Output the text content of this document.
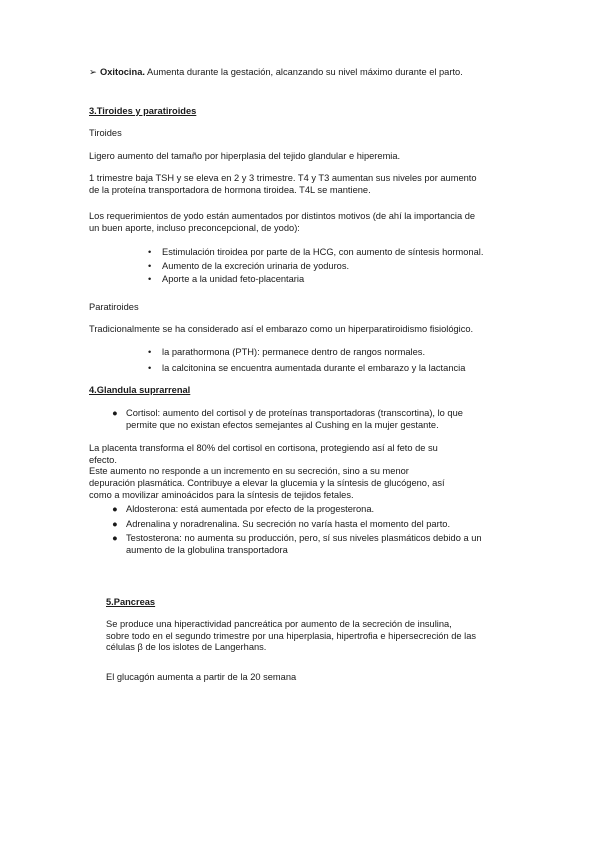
➢ Oxitocina. Aumenta durante la gestación, alcanzando su nivel máximo durante el parto.

3.Tiroides y paratiroides

Tiroides

Ligero aumento del tamaño por hiperplasia del tejido glandular e hiperemia.

1 trimestre baja TSH y se eleva en 2 y 3 trimestre. T4 y T3 aumentan sus niveles por aumento

de la proteína transportadora de hormona tiroidea. T4L se mantiene.

Los requerimientos de yodo están aumentados por distintos motivos (de ahí la importancia de

un buen aporte, incluso preconcepcional, de yodo):

• Estimulación tiroidea por parte de la HCG, con aumento de síntesis hormonal.
• Aumento de la excreción urinaria de yoduros.
• Aporte a la unidad feto-placentaria

Paratiroides

Tradicionalmente se ha considerado así el embarazo como un hiperparatiroidismo fisiológico.

• la parathormona (PTH): permanece dentro de rangos normales.
• la calcitonina se encuentra aumentada durante el embarazo y la lactancia

4.Glandula suprarrenal

● Cortisol: aumento del cortisol y de proteínas transportadoras (transcortina), lo que
permite que no existan efectos semejantes al Cushing en la mujer gestante.

La placenta transforma el 80% del cortisol en cortisona, protegiendo así al feto de su

efecto.

Este aumento no responde a un incremento en su secreción, sino a su menor

depuración plasmática. Contribuye a elevar la glucemia y la síntesis de glucógeno, así

como a movilizar aminoácidos para la síntesis de tejidos fetales.

● Aldosterona: está aumentada por efecto de la progesterona.
● Adrenalina y noradrenalina. Su secreción no varía hasta el momento del parto.
● Testosterona: no aumenta su producción, pero, sí sus niveles plasmáticos debido a un
aumento de la globulina transportadora

5.Pancreas

Se produce una hiperactividad pancreática por aumento de la secreción de insulina,

sobre todo en el segundo trimestre por una hiperplasia, hipertrofia e hipersecreción de las

células β de los islotes de Langerhans.

El glucagón aumenta a partir de la 20 semana
